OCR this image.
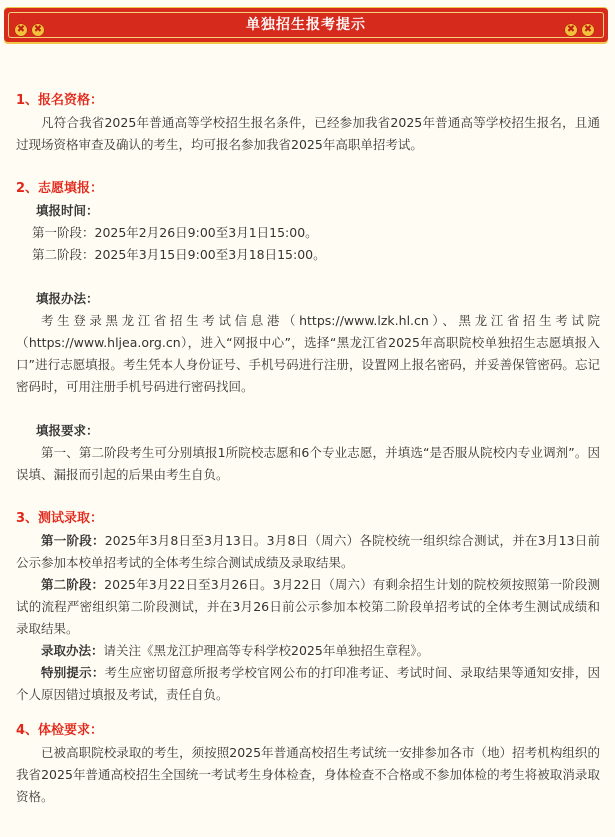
✖ ✖	单独招生报考提示	✖ ✖
1、报名资格：

凡符合我省2025年普通高等学校招生报名条件，已经参加我省2025年普通高等学校招生报名，且通过现场资格审查及确认的考生，均可报名参加我省2025年高职单招考试。

2、志愿填报：

填报时间：

第一阶段：2025年2月26日9:00至3月1日15:00。

第二阶段：2025年3月15日9:00至3月18日15:00。

填报办法：

考生登录黑龙江省招生考试信息港（https://www.lzk.hl.cn）、黑龙江省招生考试院（https://www.hljea.org.cn），进入“网报中心”，选择“黑龙江省2025年高职院校单独招生志愿填报入口”进行志愿填报。考生凭本人身份证号、手机号码进行注册，设置网上报名密码，并妥善保管密码。忘记密码时，可用注册手机号码进行密码找回。

填报要求：

第一、第二阶段考生可分别填报1所院校志愿和6个专业志愿，并填选“是否服从院校内专业调剂”。因误填、漏报而引起的后果由考生自负。

3、测试录取：

第一阶段：2025年3月8日至3月13日。3月8日（周六）各院校统一组织综合测试，并在3月13日前公示参加本校单招考试的全体考生综合测试成绩及录取结果。

第二阶段：2025年3月22日至3月26日。3月22日（周六）有剩余招生计划的院校须按照第一阶段测试的流程严密组织第二阶段测试，并在3月26日前公示参加本校第二阶段单招考试的全体考生测试成绩和录取结果。

录取办法：请关注《黑龙江护理高等专科学校2025年单独招生章程》。

特别提示：考生应密切留意所报考学校官网公布的打印准考证、考试时间、录取结果等通知安排，因个人原因错过填报及考试，责任自负。

4、体检要求：

已被高职院校录取的考生，须按照2025年普通高校招生考试统一安排参加各市（地）招考机构组织的我省2025年普通高校招生全国统一考试考生身体检查，身体检查不合格或不参加体检的考生将被取消录取资格。
